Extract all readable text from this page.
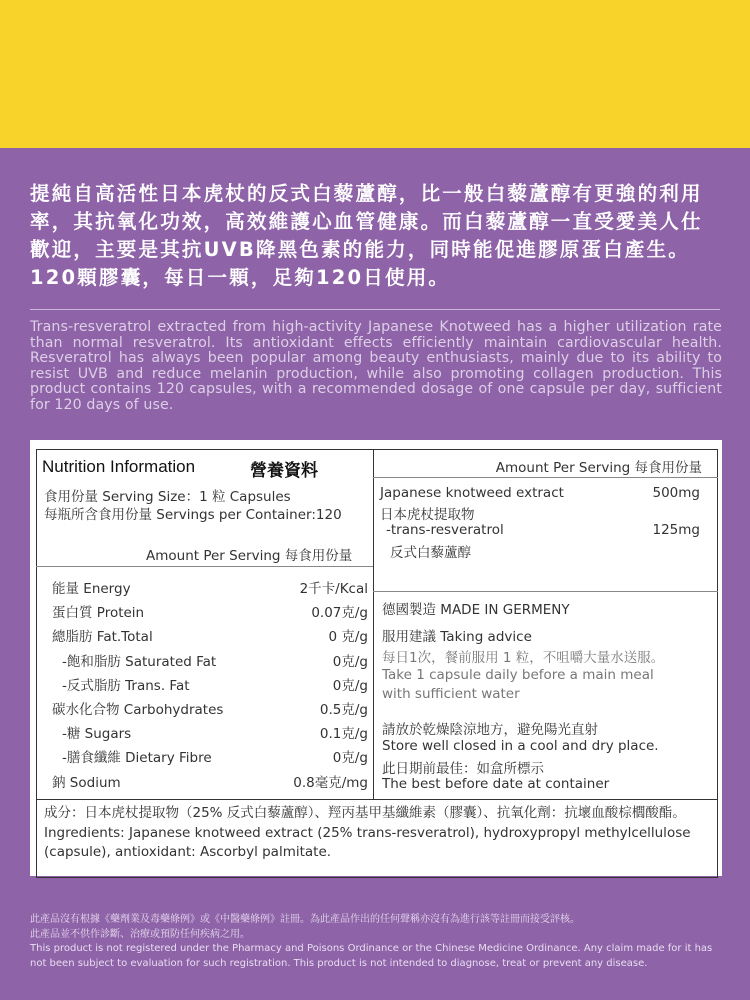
提純自高活性日本虎杖的反式白藜蘆醇，比一般白藜蘆醇有更強的利用率，其抗氧化功效，高效維護心血管健康。而白藜蘆醇一直受愛美人仕歡迎，主要是其抗UVB降黑色素的能力，同時能促進膠原蛋白產生。120顆膠囊，每日一顆，足夠120日使用。
Trans-resveratrol extracted from high-activity Japanese Knotweed has a higher utilization rate than normal resveratrol. Its antioxidant effects efficiently maintain cardiovascular health. Resveratrol has always been popular among beauty enthusiasts, mainly due to its ability to resist UVB and reduce melanin production, while also promoting collagen production. This product contains 120 capsules, with a recommended dosage of one capsule per day, sufficient for 120 days of use.
Nutrition Information	營養資料
食用份量 Serving Size：1 粒 Capsules
每瓶所含食用份量 Servings per Container:120
Amount Per Serving 每食用份量
能量 Energy	2千卡/Kcal
蛋白質 Protein	0.07克/g
總脂肪 Fat.Total	0 克/g
-飽和脂肪 Saturated Fat	0克/g
-反式脂肪 Trans. Fat	0克/g
碳水化合物 Carbohydrates	0.5克/g
-糖 Sugars	0.1克/g
-膳食纖維 Dietary Fibre	0克/g
鈉 Sodium	0.8毫克/mg
Amount Per Serving 每食用份量
Japanese knotweed extract	500mg
日本虎杖提取物
-trans-resveratrol	125mg
反式白藜蘆醇
德國製造 MADE IN GERMENY
服用建議 Taking advice
每日1次，餐前服用 1 粒，不咀嚼大量水送服。
Take 1 capsule daily before a main meal
with sufficient water
請放於乾燥陰涼地方，避免陽光直射
Store well closed in a cool and dry place.
此日期前最佳：如盒所標示
The best before date at container
成分：日本虎杖提取物（25% 反式白藜蘆醇）、羥丙基甲基纖維素（膠囊）、抗氧化劑：抗壞血酸棕櫚酸酯。
Ingredients: Japanese knotweed extract (25% trans-resveratrol), hydroxypropyl methylcellulose (capsule), antioxidant: Ascorbyl palmitate.
此產品沒有根據《藥劑業及毒藥條例》或《中醫藥條例》註冊。為此產品作出的任何聲稱亦沒有為進行該等註冊而接受評核。
此產品並不供作診斷、治療或預防任何疾病之用。
This product is not registered under the Pharmacy and Poisons Ordinance or the Chinese Medicine Ordinance. Any claim made for it has not been subject to evaluation for such registration. This product is not intended to diagnose, treat or prevent any disease.
